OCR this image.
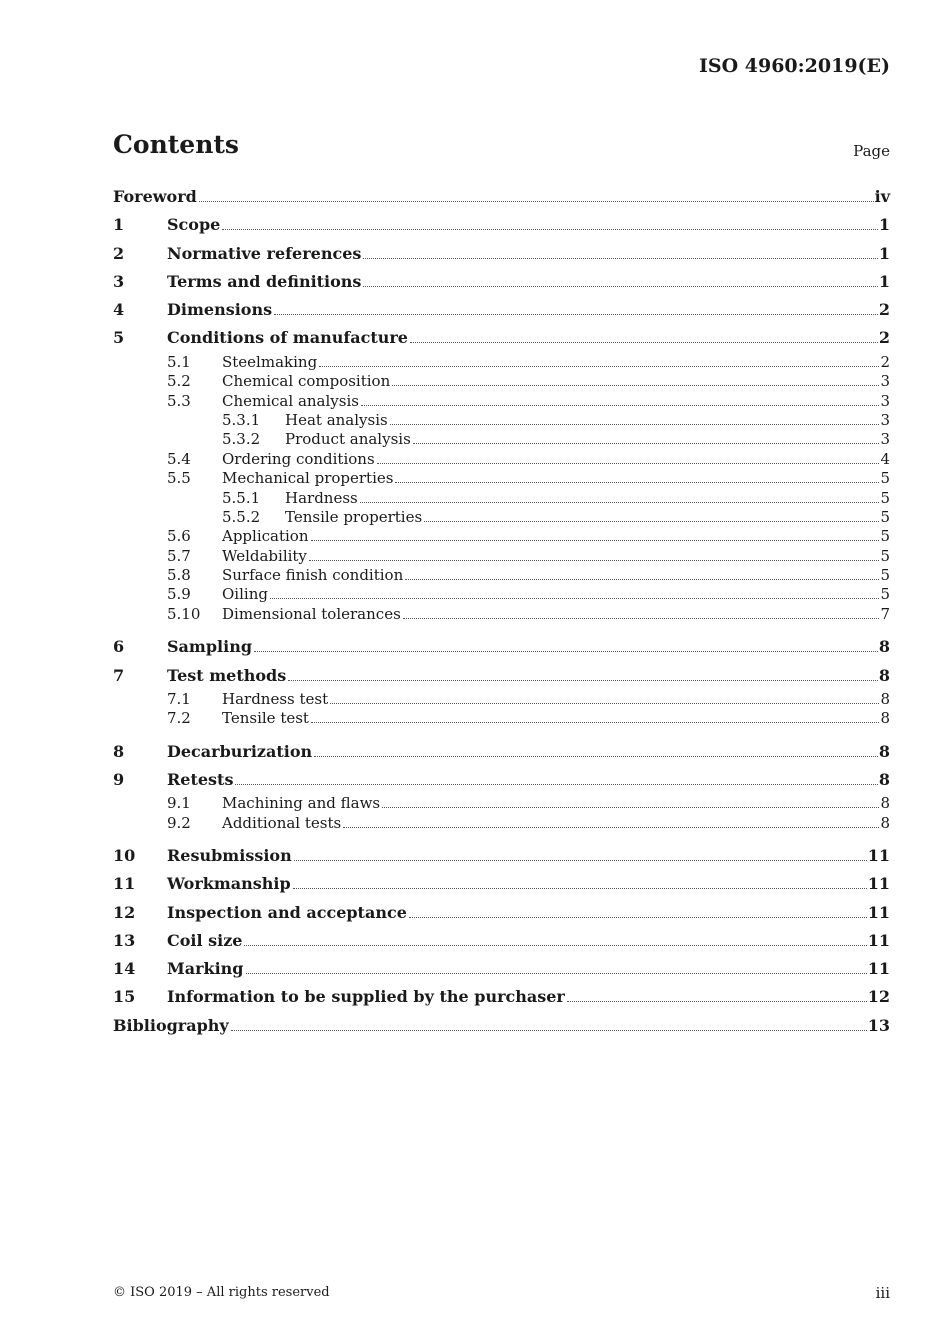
ISO 4960:2019(E)
Contents	Page
Foreword	iv
1	Scope	1
2	Normative references	1
3	Terms and definitions	1
4	Dimensions	2
5	Conditions of manufacture	2
5.1	Steelmaking	2
5.2	Chemical composition	3
5.3	Chemical analysis	3
5.3.1	Heat analysis	3
5.3.2	Product analysis	3
5.4	Ordering conditions	4
5.5	Mechanical properties	5
5.5.1	Hardness	5
5.5.2	Tensile properties	5
5.6	Application	5
5.7	Weldability	5
5.8	Surface finish condition	5
5.9	Oiling	5
5.10	Dimensional tolerances	7
6	Sampling	8
7	Test methods	8
7.1	Hardness test	8
7.2	Tensile test	8
8	Decarburization	8
9	Retests	8
9.1	Machining and flaws	8
9.2	Additional tests	8
10	Resubmission	11
11	Workmanship	11
12	Inspection and acceptance	11
13	Coil size	11
14	Marking	11
15	Information to be supplied by the purchaser	12
Bibliography	13
© ISO 2019 – All rights reserved	iii
